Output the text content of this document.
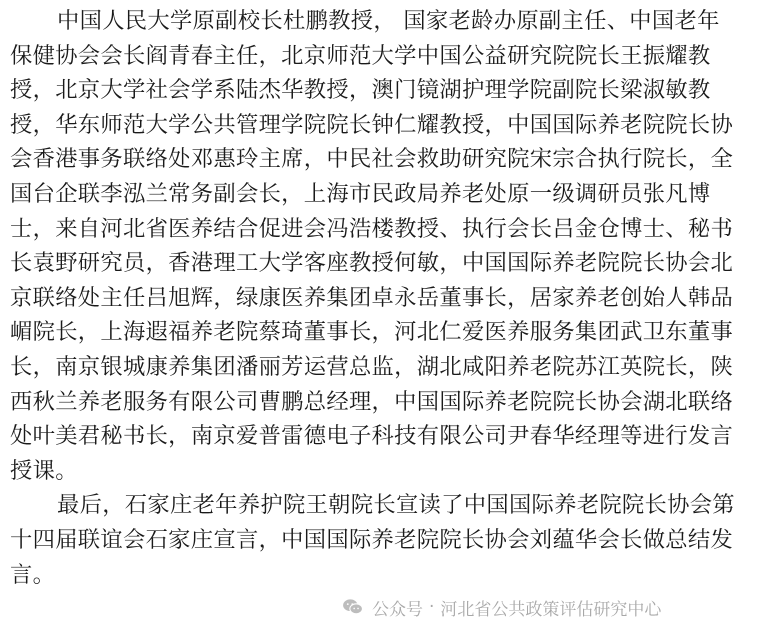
中国人民大学原副校长杜鹏教授， 国家老龄办原副主任、中国老年
保健协会会长阎青春主任，北京师范大学中国公益研究院院长王振耀教
授，北京大学社会学系陆杰华教授，澳门镜湖护理学院副院长梁淑敏教
授，华东师范大学公共管理学院院长钟仁耀教授，中国国际养老院院长协
会香港事务联络处邓惠玲主席，中民社会救助研究院宋宗合执行院长，全
国台企联李泓兰常务副会长，上海市民政局养老处原一级调研员张凡博
士，来自河北省医养结合促进会冯浩楼教授、执行会长吕金仓博士、秘书
长袁野研究员，香港理工大学客座教授何敏，中国国际养老院院长协会北
京联络处主任吕旭辉，绿康医养集团卓永岳董事长，居家养老创始人韩品
嵋院长，上海遐福养老院蔡琦董事长，河北仁爱医养服务集团武卫东董事
长，南京银城康养集团潘丽芳运营总监，湖北咸阳养老院苏江英院长，陕
西秋兰养老服务有限公司曹鹏总经理，中国国际养老院院长协会湖北联络
处叶美君秘书长，南京爱普雷德电子科技有限公司尹春华经理等进行发言
授课。
最后，石家庄老年养护院王朝院长宣读了中国国际养老院院长协会第
十四届联谊会石家庄宣言，中国国际养老院院长协会刘蕴华会长做总结发
言。
公众号 · 河北省公共政策评估研究中心
